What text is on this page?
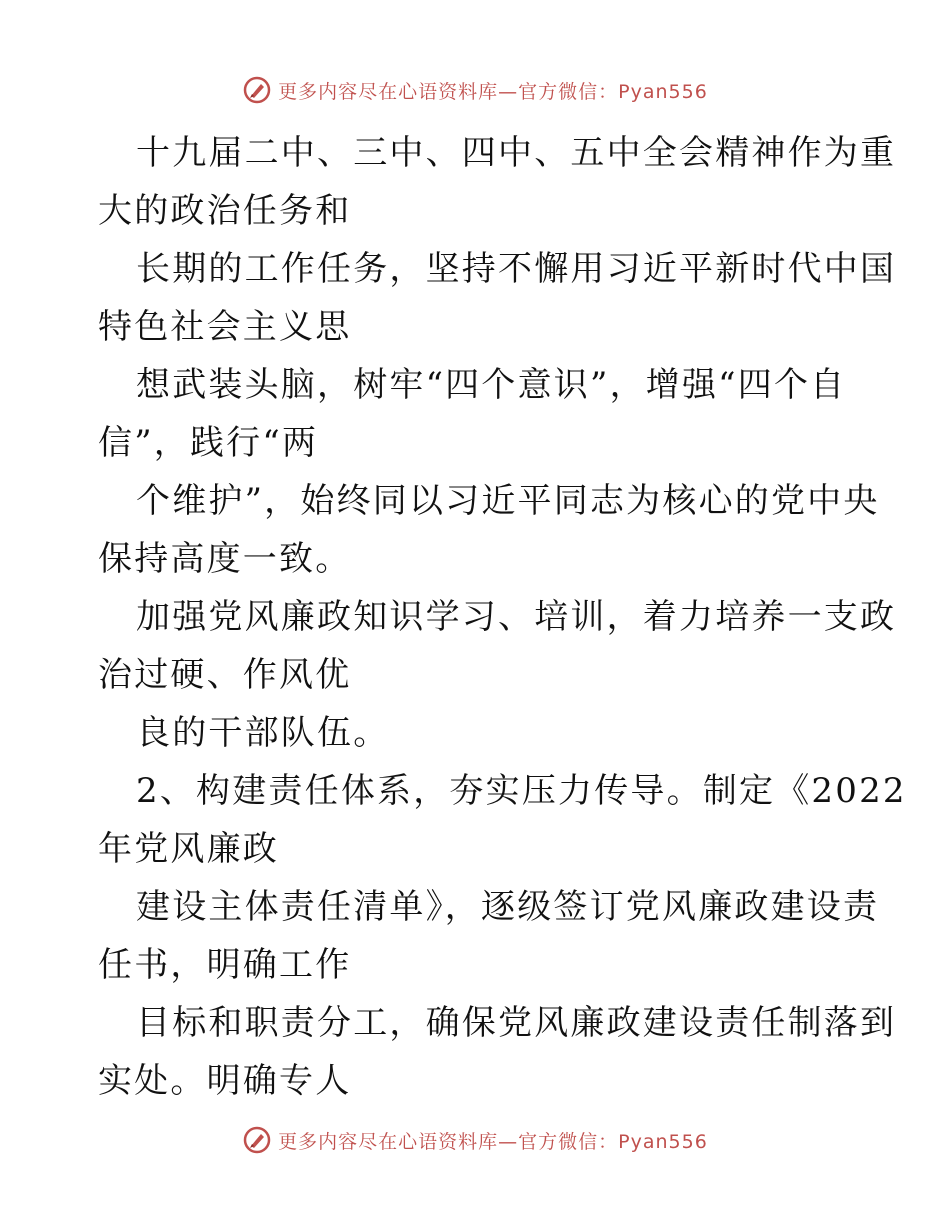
更多内容尽在心语资料库—官方微信：Pyan556

十九届二中、三中、四中、五中全会精神作为重
大的政治任务和

长期的工作任务，坚持不懈用习近平新时代中国
特色社会主义思

想武装头脑，树牢“四个意识”，增强“四个自
信”，践行“两

个维护”，始终同以习近平同志为核心的党中央
保持高度一致。

加强党风廉政知识学习、培训，着力培养一支政
治过硬、作风优

良的干部队伍。

2、构建责任体系，夯实压力传导。制定《2022
年党风廉政

建设主体责任清单》，逐级签订党风廉政建设责
任书，明确工作

目标和职责分工，确保党风廉政建设责任制落到
实处。明确专人

更多内容尽在心语资料库—官方微信：Pyan556
